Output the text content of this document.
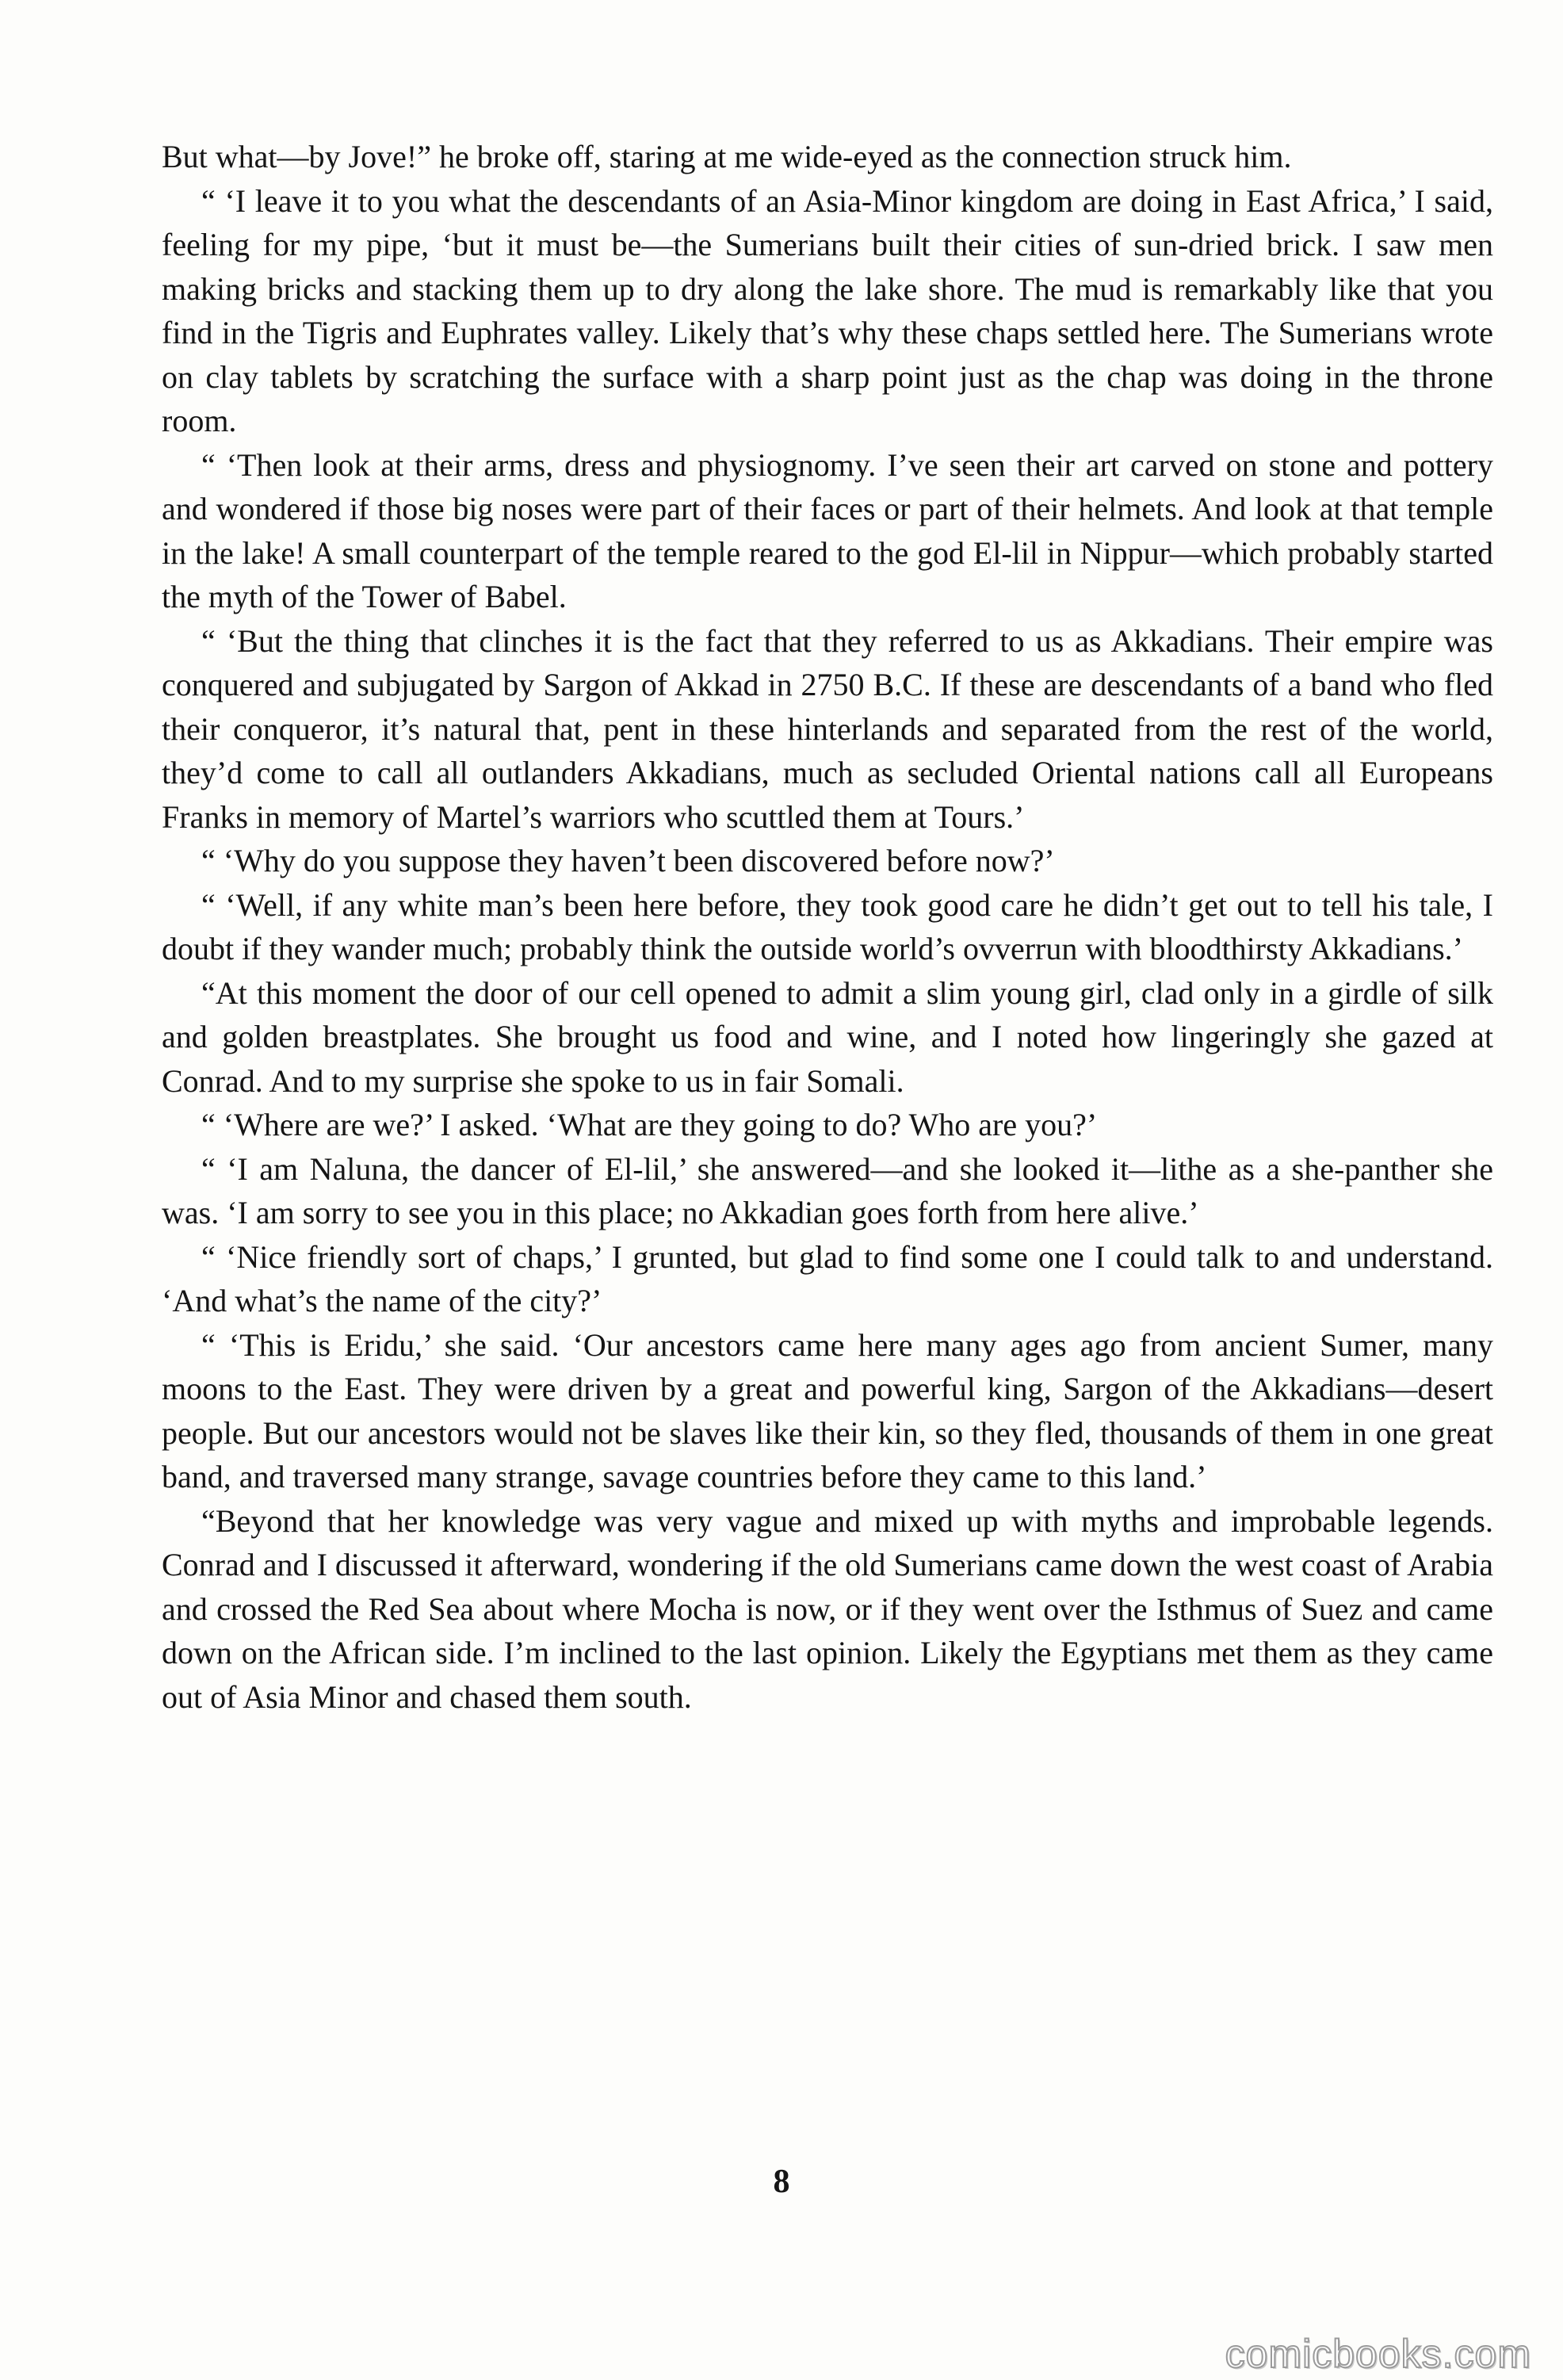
But what—by Jove!” he broke off, staring at me wide-eyed as the connection struck him.

“ ‘I leave it to you what the descendants of an Asia-Minor kingdom are doing in East Africa,’ I said, feeling for my pipe, ‘but it must be—the Sumerians built their cities of sun-dried brick. I saw men making bricks and stacking them up to dry along the lake shore. The mud is remarkably like that you find in the Tigris and Euphrates valley. Likely that’s why these chaps settled here. The Sumerians wrote on clay tablets by scratching the surface with a sharp point just as the chap was doing in the throne room.

“ ‘Then look at their arms, dress and physiognomy. I’ve seen their art carved on stone and pottery and wondered if those big noses were part of their faces or part of their helmets. And look at that temple in the lake! A small counterpart of the temple reared to the god El-lil in Nippur—which probably started the myth of the Tower of Babel.

“ ‘But the thing that clinches it is the fact that they referred to us as Akkadians. Their empire was conquered and subjugated by Sargon of Akkad in 2750 B.C. If these are descendants of a band who fled their conqueror, it’s natural that, pent in these hinterlands and separated from the rest of the world, they’d come to call all outlanders Akkadians, much as secluded Oriental nations call all Europeans Franks in memory of Martel’s warriors who scuttled them at Tours.’

“ ‘Why do you suppose they haven’t been discovered before now?’

“ ‘Well, if any white man’s been here before, they took good care he didn’t get out to tell his tale, I doubt if they wander much; probably think the outside world’s ovverrun with bloodthirsty Akkadians.’

“At this moment the door of our cell opened to admit a slim young girl, clad only in a girdle of silk and golden breastplates. She brought us food and wine, and I noted how lingeringly she gazed at Conrad. And to my surprise she spoke to us in fair Somali.

“ ‘Where are we?’ I asked. ‘What are they going to do? Who are you?’

“ ‘I am Naluna, the dancer of El-lil,’ she answered—and she looked it—lithe as a she-panther she was. ‘I am sorry to see you in this place; no Akkadian goes forth from here alive.’

“ ‘Nice friendly sort of chaps,’ I grunted, but glad to find some one I could talk to and understand. ‘And what’s the name of the city?’

“ ‘This is Eridu,’ she said. ‘Our ancestors came here many ages ago from ancient Sumer, many moons to the East. They were driven by a great and powerful king, Sargon of the Akkadians—desert people. But our ancestors would not be slaves like their kin, so they fled, thousands of them in one great band, and traversed many strange, savage countries before they came to this land.’

“Beyond that her knowledge was very vague and mixed up with myths and improbable legends. Conrad and I discussed it afterward, wondering if the old Sumerians came down the west coast of Arabia and crossed the Red Sea about where Mocha is now, or if they went over the Isthmus of Suez and came down on the African side. I’m inclined to the last opinion. Likely the Egyptians met them as they came out of Asia Minor and chased them south.

8
comicbooks.com
